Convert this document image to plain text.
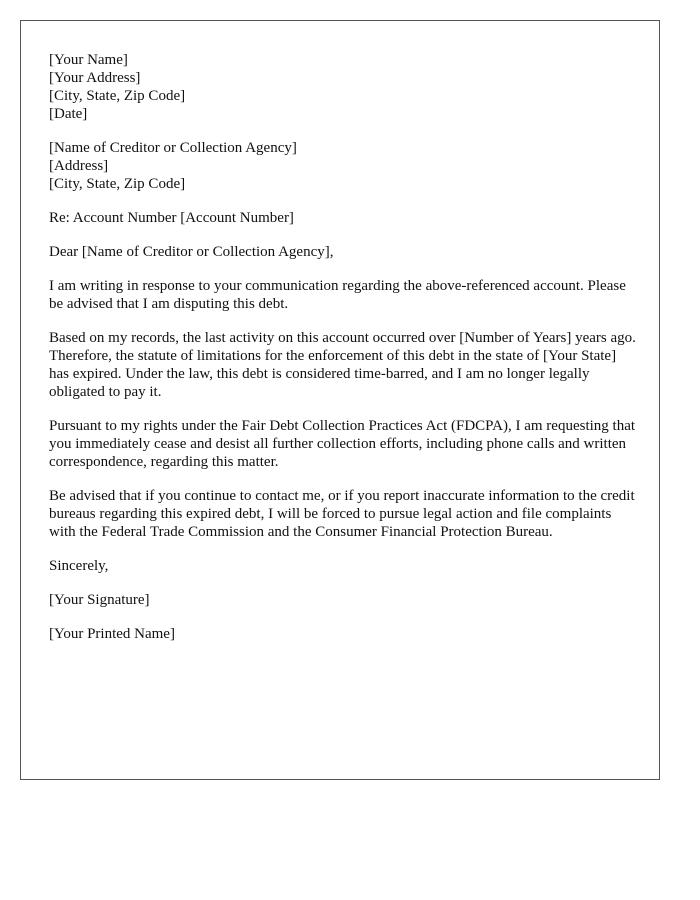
[Your Name]
[Your Address]
[City, State, Zip Code]
[Date]
[Name of Creditor or Collection Agency]
[Address]
[City, State, Zip Code]
Re: Account Number [Account Number]
Dear [Name of Creditor or Collection Agency],

I am writing in response to your communication regarding the above-referenced account. Please be advised that I am disputing this debt.

Based on my records, the last activity on this account occurred over [Number of Years] years ago. Therefore, the statute of limitations for the enforcement of this debt in the state of [Your State] has expired. Under the law, this debt is considered time-barred, and I am no longer legally obligated to pay it.

Pursuant to my rights under the Fair Debt Collection Practices Act (FDCPA), I am requesting that you immediately cease and desist all further collection efforts, including phone calls and written correspondence, regarding this matter.

Be advised that if you continue to contact me, or if you report inaccurate information to the credit bureaus regarding this expired debt, I will be forced to pursue legal action and file complaints with the Federal Trade Commission and the Consumer Financial Protection Bureau.

Sincerely,
[Your Signature]
[Your Printed Name]
